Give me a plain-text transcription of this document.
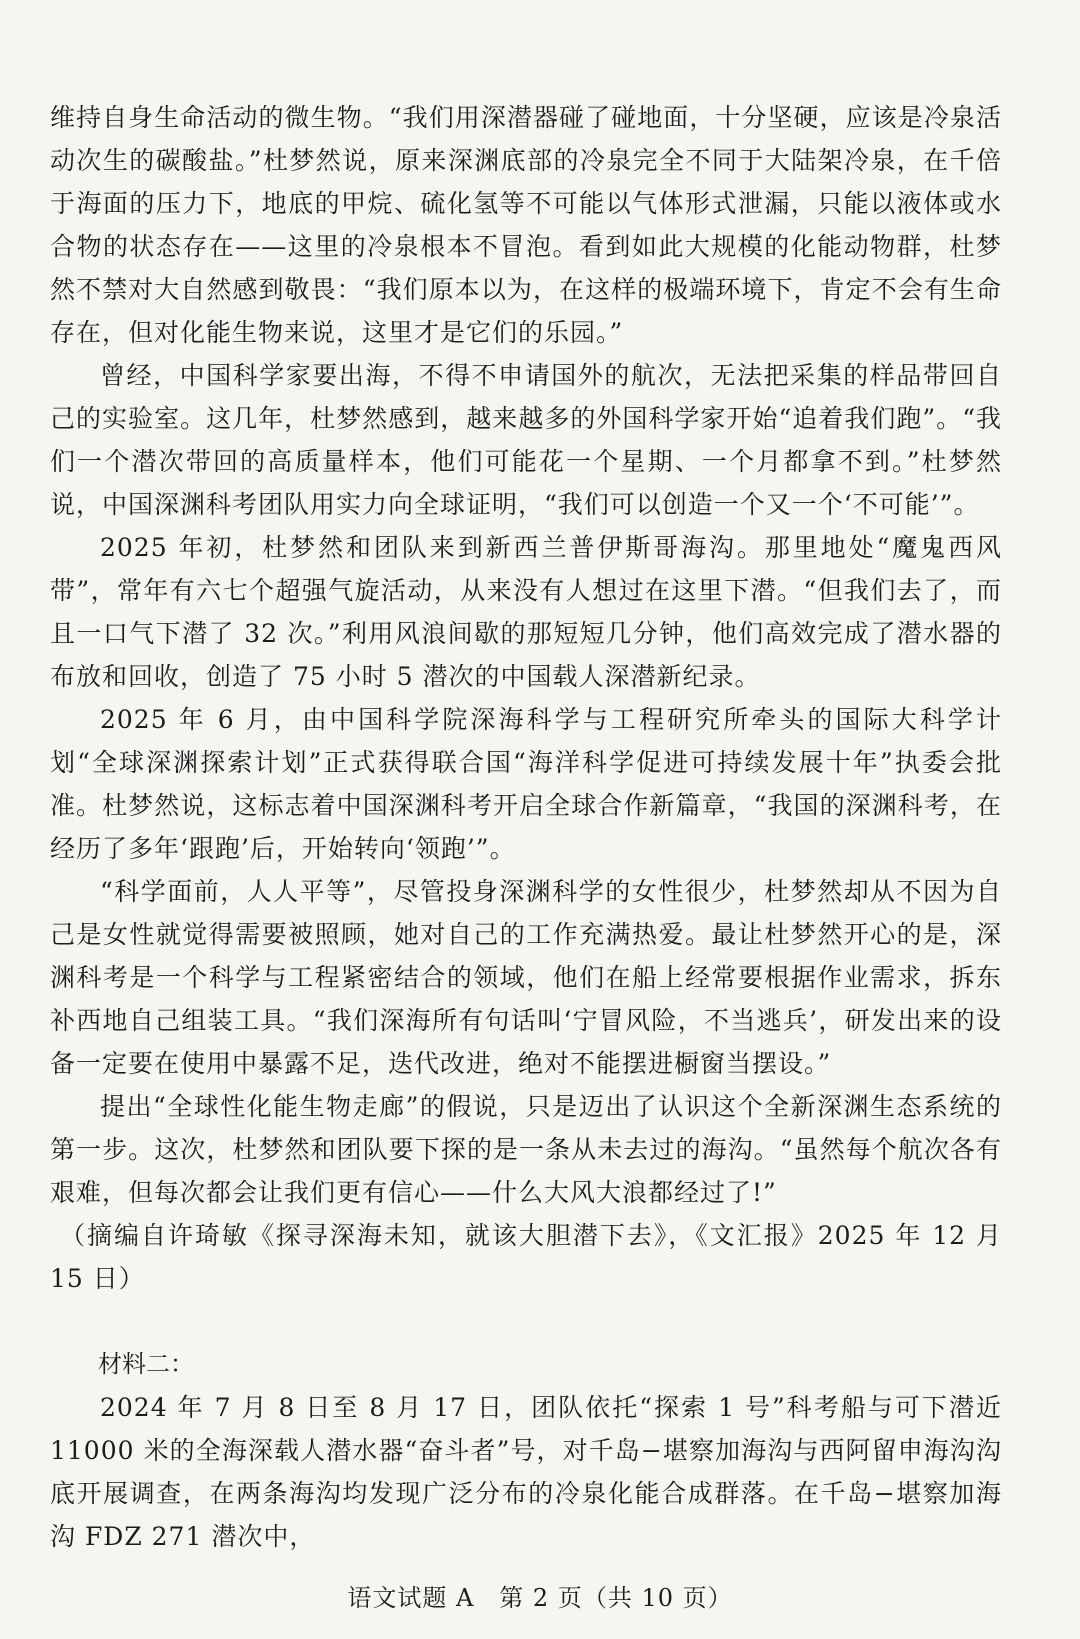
维持自身生命活动的微生物。“我们用深潜器碰了碰地面，十分坚硬，应该是冷泉活动次生的碳酸盐。”杜梦然说，原来深渊底部的冷泉完全不同于大陆架冷泉，在千倍于海面的压力下，地底的甲烷、硫化氢等不可能以气体形式泄漏，只能以液体或水合物的状态存在——这里的冷泉根本不冒泡。看到如此大规模的化能动物群，杜梦然不禁对大自然感到敬畏：“我们原本以为，在这样的极端环境下，肯定不会有生命存在，但对化能生物来说，这里才是它们的乐园。”

曾经，中国科学家要出海，不得不申请国外的航次，无法把采集的样品带回自己的实验室。这几年，杜梦然感到，越来越多的外国科学家开始“追着我们跑”。“我们一个潜次带回的高质量样本，他们可能花一个星期、一个月都拿不到。”杜梦然说，中国深渊科考团队用实力向全球证明，“我们可以创造一个又一个‘不可能’”。

2025 年初，杜梦然和团队来到新西兰普伊斯哥海沟。那里地处“魔鬼西风带”，常年有六七个超强气旋活动，从来没有人想过在这里下潜。“但我们去了，而且一口气下潜了 32 次。”利用风浪间歇的那短短几分钟，他们高效完成了潜水器的布放和回收，创造了 75 小时 5 潜次的中国载人深潜新纪录。

2025 年 6 月，由中国科学院深海科学与工程研究所牵头的国际大科学计划“全球深渊探索计划”正式获得联合国“海洋科学促进可持续发展十年”执委会批准。杜梦然说，这标志着中国深渊科考开启全球合作新篇章，“我国的深渊科考，在经历了多年‘跟跑’后，开始转向‘领跑’”。

“科学面前，人人平等”，尽管投身深渊科学的女性很少，杜梦然却从不因为自己是女性就觉得需要被照顾，她对自己的工作充满热爱。最让杜梦然开心的是，深渊科考是一个科学与工程紧密结合的领域，他们在船上经常要根据作业需求，拆东补西地自己组装工具。“我们深海所有句话叫‘宁冒风险，不当逃兵’，研发出来的设备一定要在使用中暴露不足，迭代改进，绝对不能摆进橱窗当摆设。”

提出“全球性化能生物走廊”的假说，只是迈出了认识这个全新深渊生态系统的第一步。这次，杜梦然和团队要下探的是一条从未去过的海沟。“虽然每个航次各有艰难，但每次都会让我们更有信心——什么大风大浪都经过了!”

（摘编自许琦敏《探寻深海未知，就该大胆潜下去》，《文汇报》2025 年 12 月 15 日）

材料二：

2024 年 7 月 8 日至 8 月 17 日，团队依托“探索 1 号”科考船与可下潜近 11000 米的全海深载人潜水器“奋斗者”号，对千岛−堪察加海沟与西阿留申海沟沟底开展调查，在两条海沟均发现广泛分布的冷泉化能合成群落。在千岛−堪察加海沟 FDZ 271 潜次中，

语文试题 A　第 2 页（共 10 页）
